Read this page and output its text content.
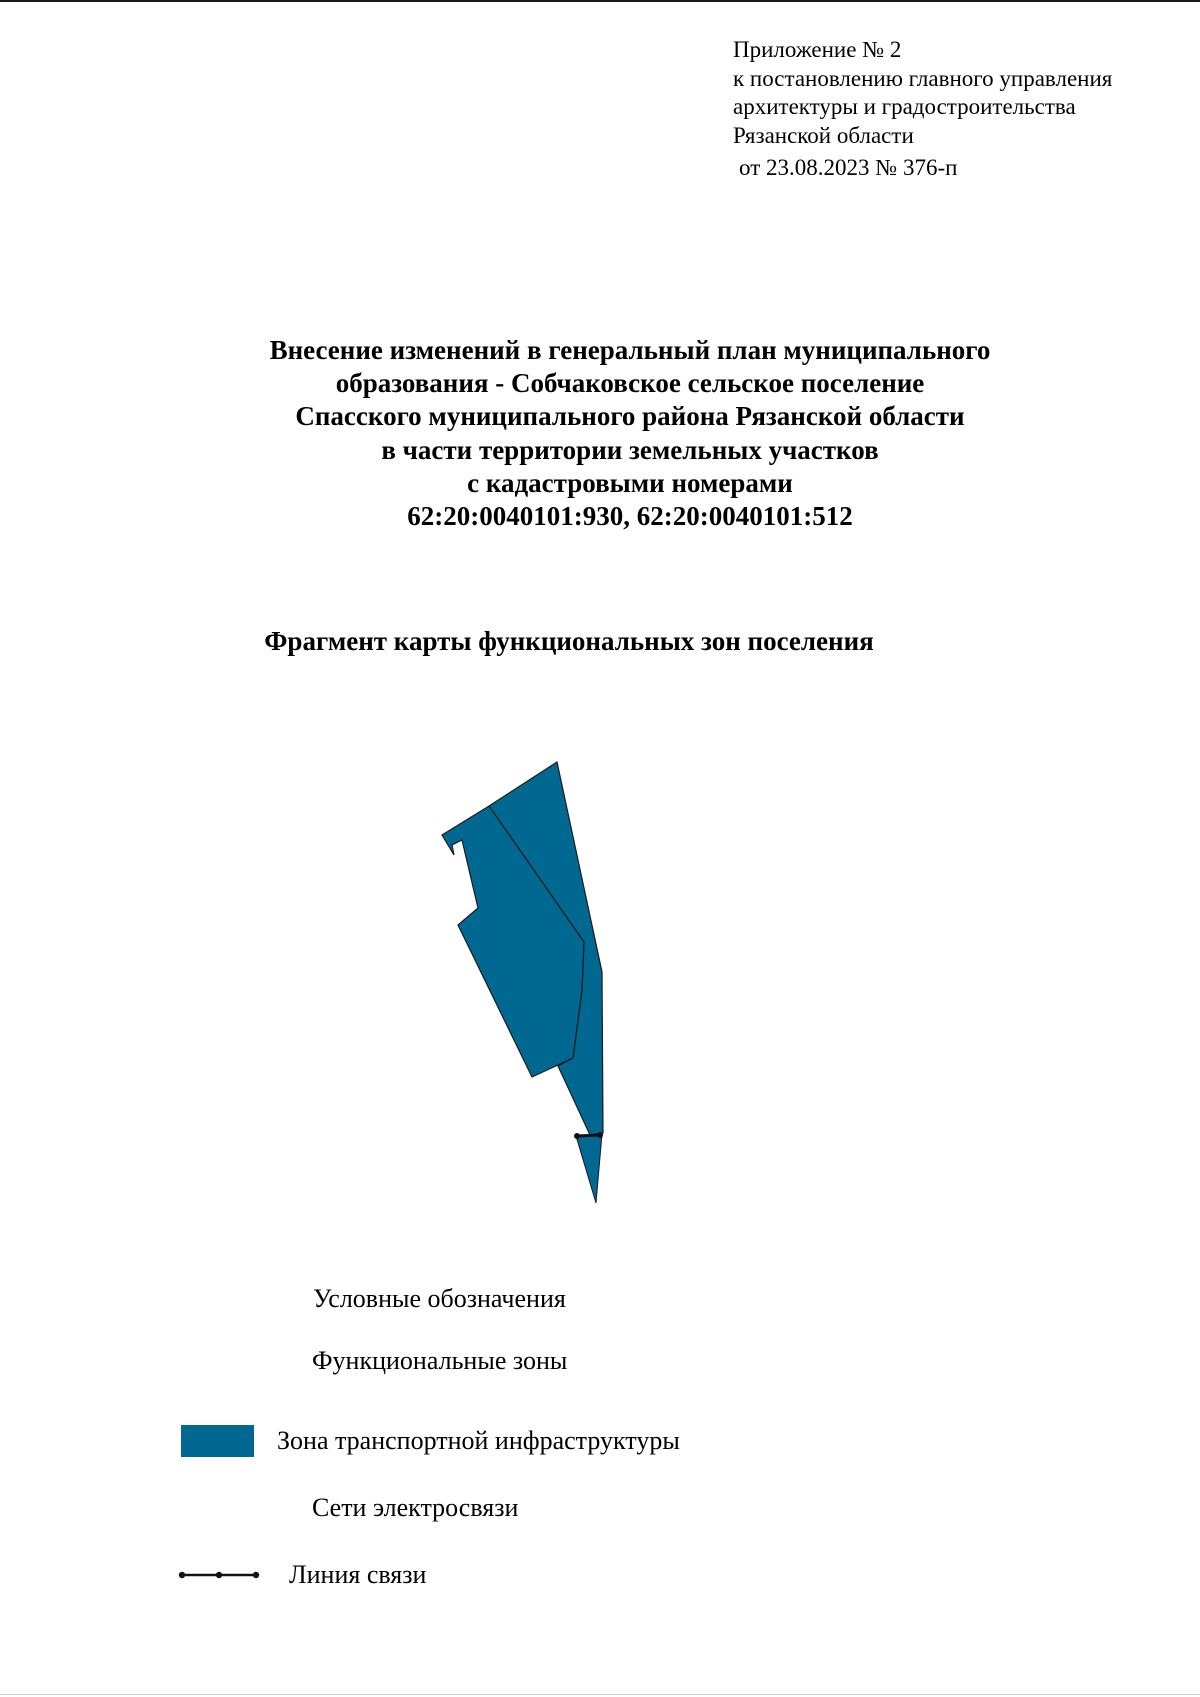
Приложение № 2
к постановлению главного управления
архитектуры и градостроительства
Рязанской области
от 23.08.2023 № 376-п
Внесение изменений в генеральный план муниципального
образования - Собчаковское сельское поселение
Спасского муниципального района Рязанской области
в части территории земельных участков
с кадастровыми номерами
62:20:0040101:930, 62:20:0040101:512
Фрагмент карты функциональных зон поселения
Условные обозначения
Функциональные зоны
Зона транспортной инфраструктуры
Сети электросвязи
Линия связи
